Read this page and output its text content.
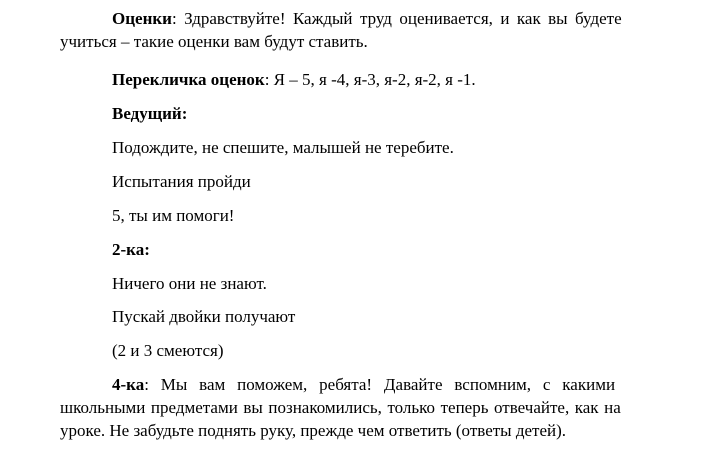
Оценки: Здравствуйте! Каждый труд оценивается, и как вы будете
учиться – такие оценки вам будут ставить.
Перекличка оценок: Я – 5, я -4, я-3, я-2, я-2, я -1.
Ведущий:
Подождите, не спешите, малышей не теребите.
Испытания пройди
5, ты им помоги!
2-ка:
Ничего они не знают.
Пускай двойки получают
(2 и 3 смеются)
4-ка: Мы вам поможем, ребята! Давайте вспомним, с какими
школьными предметами вы познакомились, только теперь отвечайте, как на
уроке. Не забудьте поднять руку, прежде чем ответить (ответы детей).
